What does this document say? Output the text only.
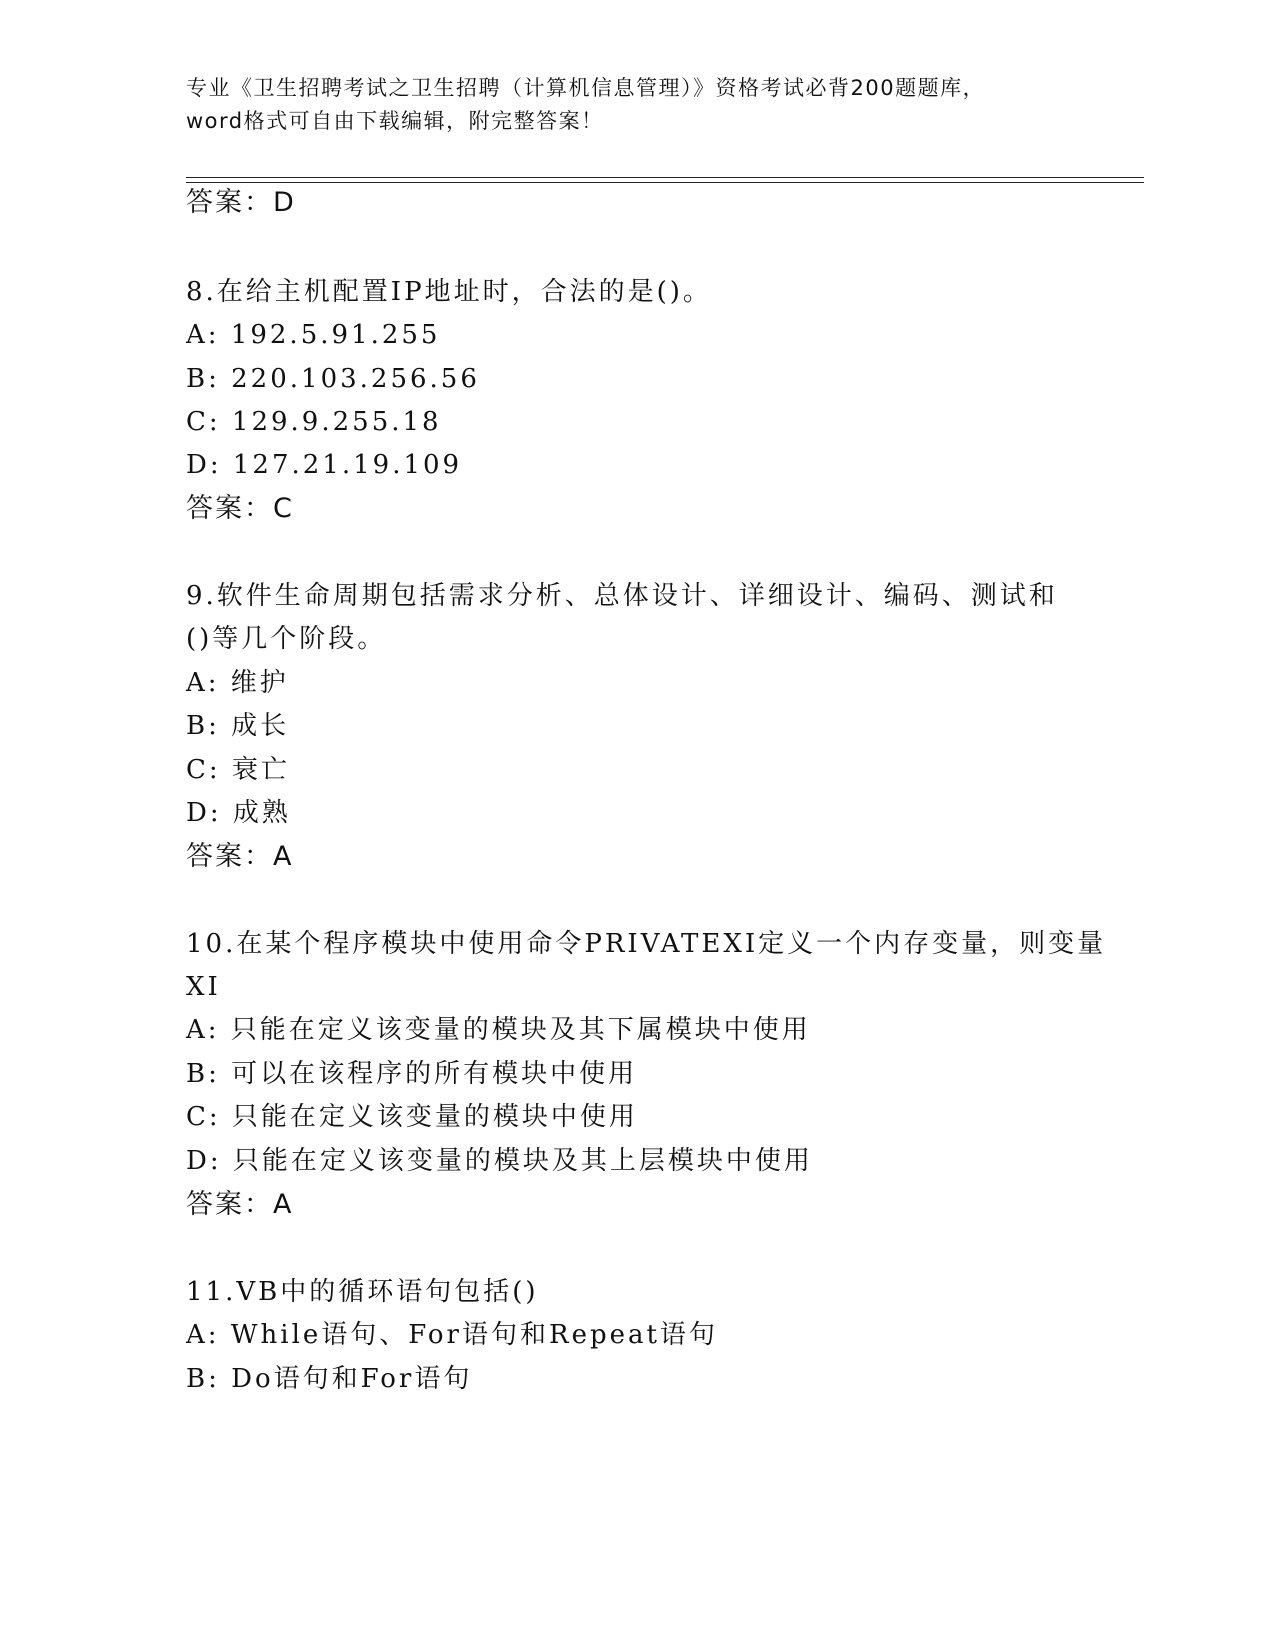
专业《卫生招聘考试之卫生招聘（计算机信息管理）》资格考试必背200题题库，
word格式可自由下载编辑，附完整答案！
答案：D
8.在给主机配置IP地址时，合法的是()。
A: 192.5.91.255
B: 220.103.256.56
C: 129.9.255.18
D: 127.21.19.109
答案：C
9.软件生命周期包括需求分析、总体设计、详细设计、编码、测试和
()等几个阶段。
A: 维护
B: 成长
C: 衰亡
D: 成熟
答案：A
10.在某个程序模块中使用命令PRIVATEXI定义一个内存变量，则变量
XI
A: 只能在定义该变量的模块及其下属模块中使用
B: 可以在该程序的所有模块中使用
C: 只能在定义该变量的模块中使用
D: 只能在定义该变量的模块及其上层模块中使用
答案：A
11.VB中的循环语句包括()
A: While语句、For语句和Repeat语句
B: Do语句和For语句
